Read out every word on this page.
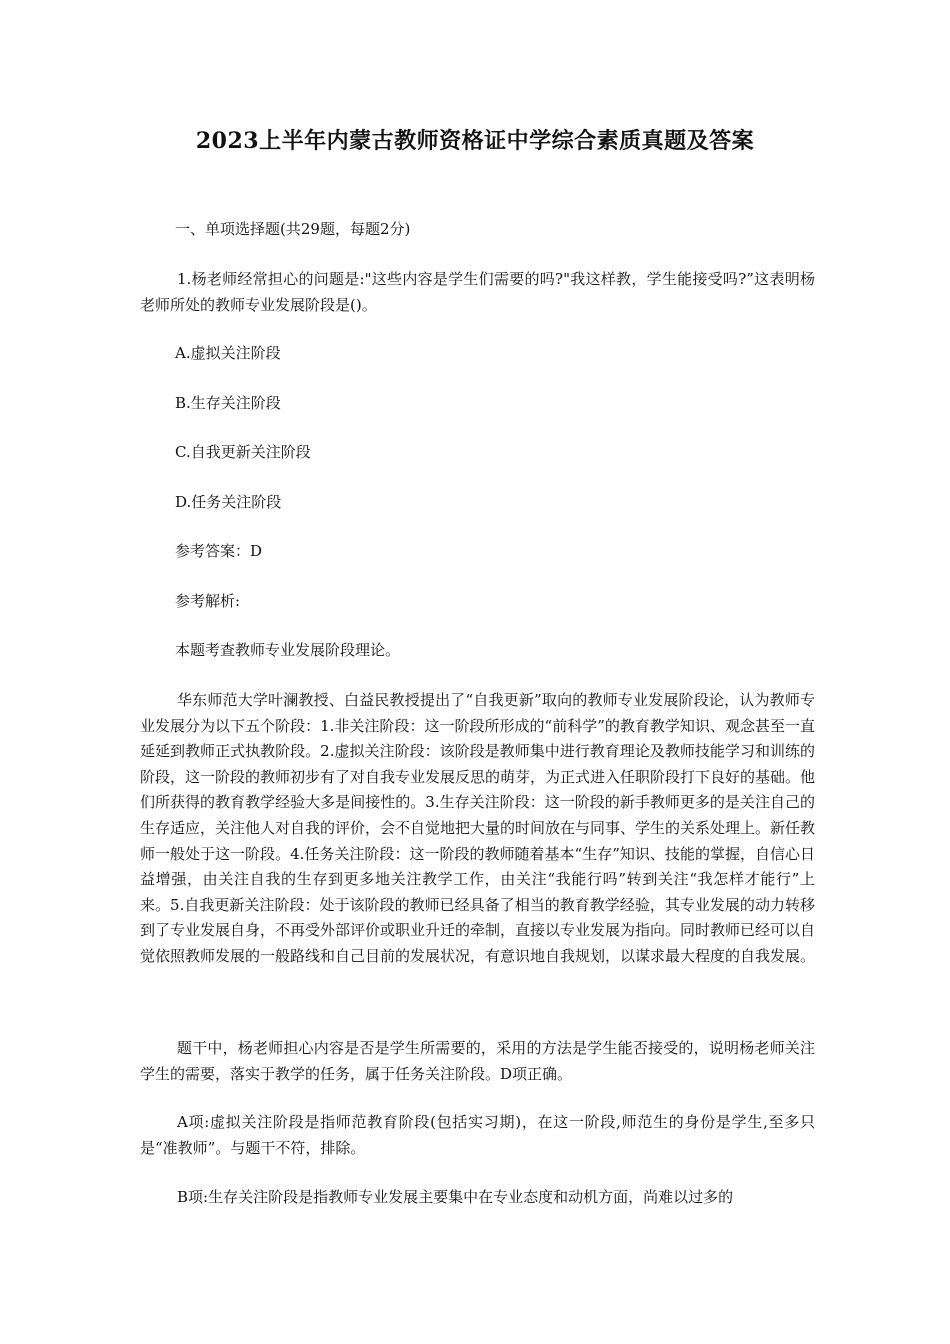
2023上半年内蒙古教师资格证中学综合素质真题及答案
一、单项选择题(共29题，每题2分)
1.杨老师经常担心的问题是:"这些内容是学生们需要的吗?"我这样教，学生能接受吗?”这表明杨老师所处的教师专业发展阶段是()。
A.虚拟关注阶段
B.生存关注阶段
C.自我更新关注阶段
D.任务关注阶段
参考答案：D
参考解析:
本题考查教师专业发展阶段理论。
华东师范大学叶澜教授、白益民教授提出了“自我更新”取向的教师专业发展阶段论，认为教师专业发展分为以下五个阶段：1.非关注阶段：这一阶段所形成的“前科学”的教育教学知识、观念甚至一直延延到教师正式执教阶段。2.虚拟关注阶段：该阶段是教师集中进行教育理论及教师技能学习和训练的阶段，这一阶段的教师初步有了对自我专业发展反思的萌芽，为正式进入任职阶段打下良好的基础。他们所获得的教育教学经验大多是间接性的。3.生存关注阶段：这一阶段的新手教师更多的是关注自己的生存适应，关注他人对自我的评价，会不自觉地把大量的时间放在与同事、学生的关系处理上。新任教师一般处于这一阶段。4.任务关注阶段：这一阶段的教师随着基本“生存”知识、技能的掌握，自信心日益增强，由关注自我的生存到更多地关注教学工作，由关注“我能行吗”转到关注“我怎样才能行”上来。5.自我更新关注阶段：处于该阶段的教师已经具备了相当的教育教学经验，其专业发展的动力转移到了专业发展自身，不再受外部评价或职业升迁的牵制，直接以专业发展为指向。同时教师已经可以自觉依照教师发展的一般路线和自己目前的发展状况，有意识地自我规划，以谋求最大程度的自我发展。
题干中，杨老师担心内容是否是学生所需要的，采用的方法是学生能否接受的，说明杨老师关注学生的需要，落实于教学的任务，属于任务关注阶段。D项正确。
A项:虚拟关注阶段是指师范教育阶段(包括实习期)，在这一阶段,师范生的身份是学生,至多只是“准教师”。与题干不符，排除。
B项:生存关注阶段是指教师专业发展主要集中在专业态度和动机方面，尚难以过多的
